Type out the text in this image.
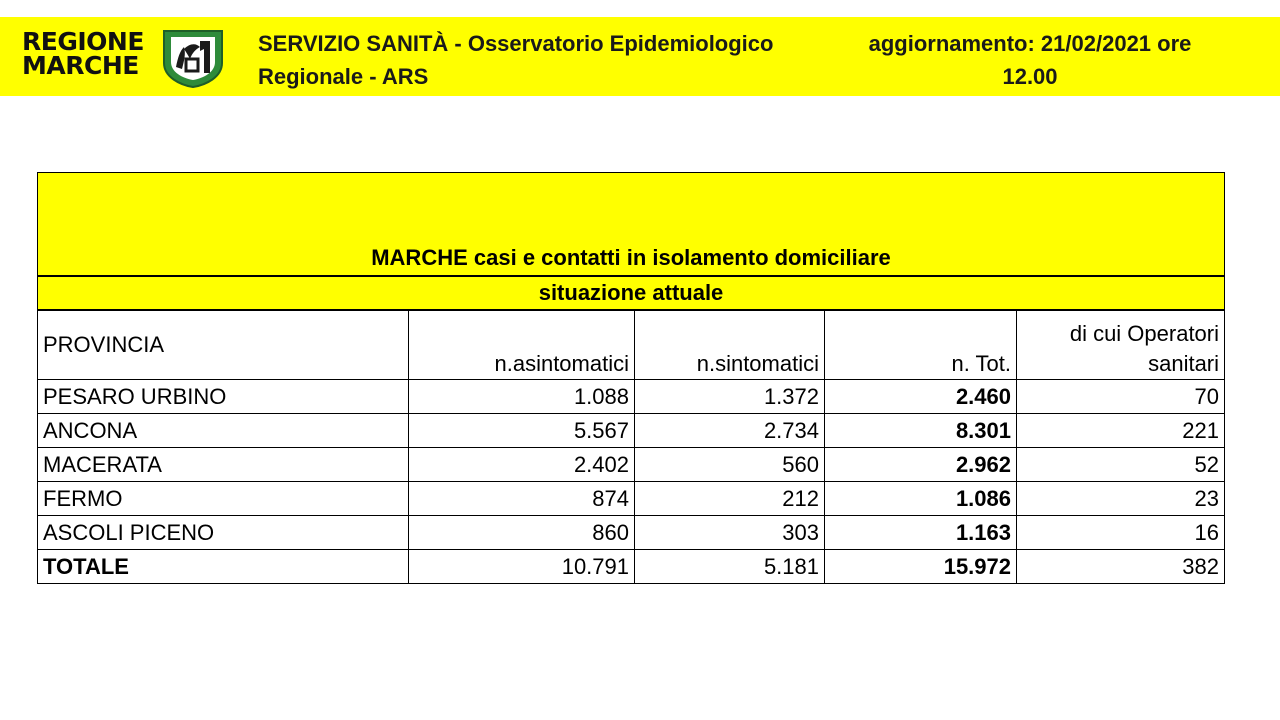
REGIONE
MARCHE
SERVIZIO SANITÀ - Osservatorio Epidemiologico
Regionale - ARS
aggiornamento: 21/02/2021 ore
12.00
MARCHE casi e contatti in isolamento domiciliare				
situazione attuale				
PROVINCIA	n.asintomatici	n.sintomatici	n. Tot.	di cui Operatori
sanitari

PESARO URBINO	1.088	1.372	2.460	70
ANCONA	5.567	2.734	8.301	221
MACERATA	2.402	560	2.962	52
FERMO	874	212	1.086	23
ASCOLI PICENO	860	303	1.163	16
TOTALE	10.791	5.181	15.972	382
